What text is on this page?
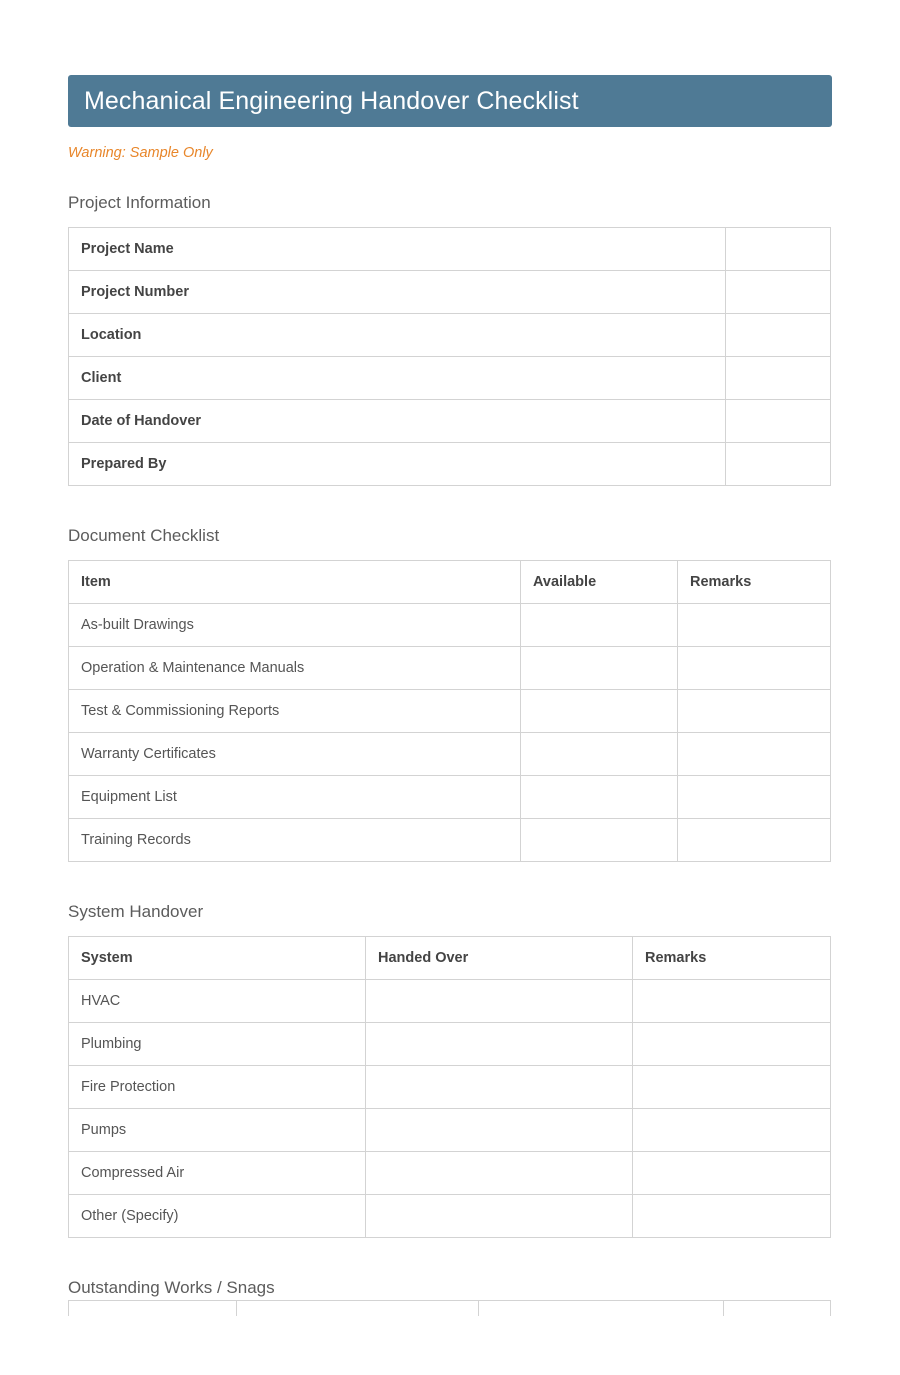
Mechanical Engineering Handover Checklist
Warning: Sample Only
Project Information
Project Name	
Project Number	
Location	
Client	
Date of Handover	
Prepared By	
Document Checklist
Item	Available	Remarks
As-built Drawings		
Operation & Maintenance Manuals		
Test & Commissioning Reports		
Warranty Certificates		
Equipment List		
Training Records		
System Handover
System	Handed Over	Remarks
HVAC		
Plumbing		
Fire Protection		
Pumps		
Compressed Air		
Other (Specify)		
Outstanding Works / Snags
